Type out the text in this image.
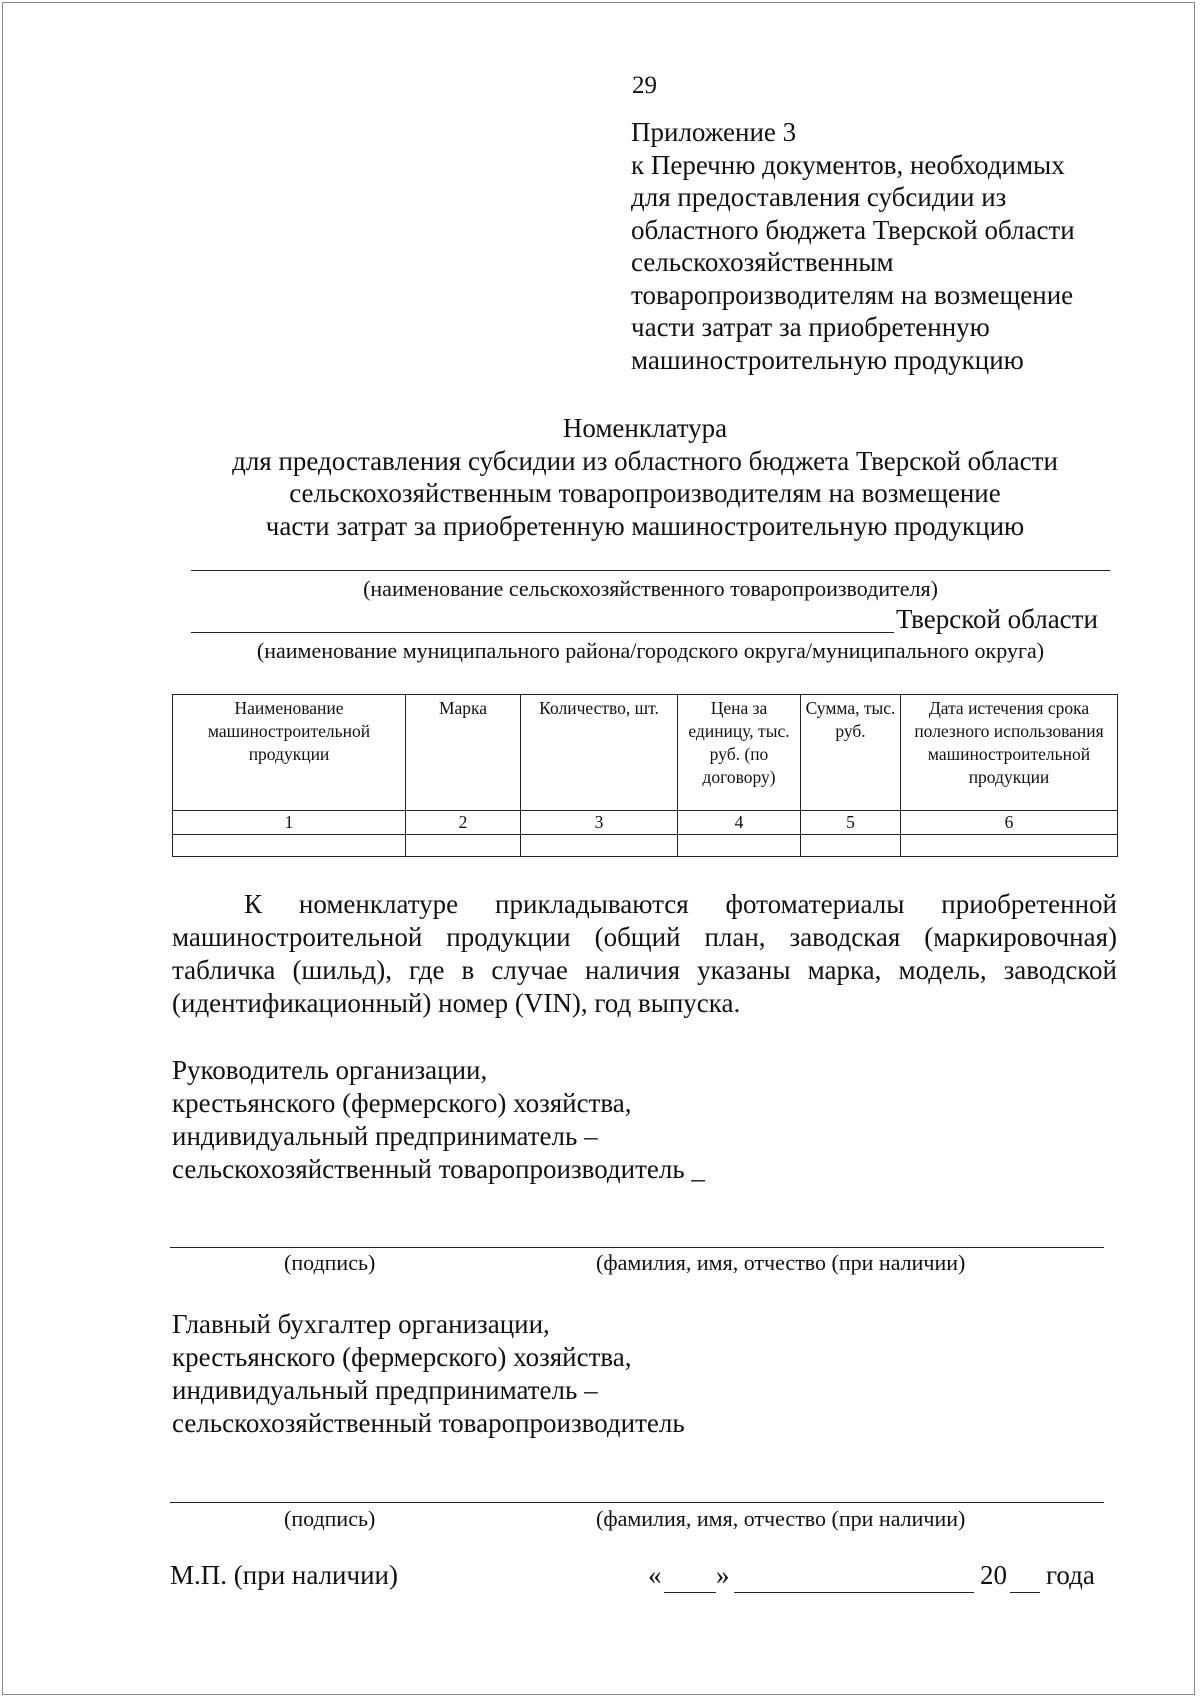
29
Приложение 3
к Перечню документов, необходимых
для предоставления субсидии из
областного бюджета Тверской области
сельскохозяйственным
товаропроизводителям на возмещение
части затрат за приобретенную
машиностроительную продукцию
Номенклатура
для предоставления субсидии из областного бюджета Тверской области
сельскохозяйственным товаропроизводителям на возмещение
части затрат за приобретенную машиностроительную продукцию
(наименование сельскохозяйственного товаропроизводителя)
Тверской области
(наименование муниципального района/городского округа/муниципального округа)
Наименование машиностроительной продукции	Марка	Количество, шт.	Цена за единицу, тыс. руб. (по договору)	Сумма, тыс. руб.	Дата истечения срока полезного использования машиностроительной продукции
1	2	3	4	5	6

К номенклатуре прикладываются фотоматериалы приобретенной машиностроительной продукции (общий план, заводская (маркировочная) табличка (шильд), где в случае наличия указаны марка, модель, заводской (идентификационный) номер (VIN), год выпуска.
Руководитель организации,
крестьянского (фермерского) хозяйства,
индивидуальный предприниматель –
сельскохозяйственный товаропроизводитель _
(подпись)	(фамилия, имя, отчество (при наличии)
Главный бухгалтер организации,
крестьянского (фермерского) хозяйства,
индивидуальный предприниматель –
сельскохозяйственный товаропроизводитель
(подпись)	(фамилия, имя, отчество (при наличии)
М.П. (при наличии)	« »	20 года
